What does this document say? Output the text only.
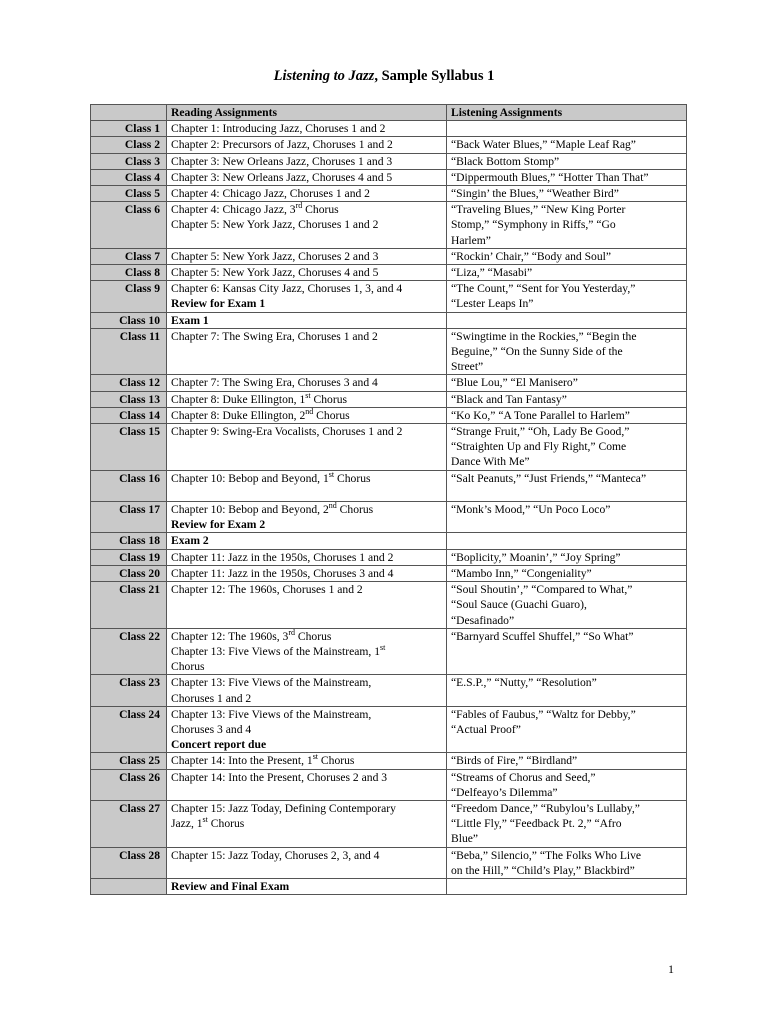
Listening to Jazz, Sample Syllabus 1
	Reading Assignments	Listening Assignments
Class 1	Chapter 1: Introducing Jazz, Choruses 1 and 2	

Class 2	Chapter 2: Precursors of Jazz, Choruses 1 and 2	“Back Water Blues,” “Maple Leaf Rag”

Class 3	Chapter 3: New Orleans Jazz, Choruses 1 and 3	“Black Bottom Stomp”

Class 4	Chapter 3: New Orleans Jazz, Choruses 4 and 5	“Dippermouth Blues,” “Hotter Than That”

Class 5	Chapter 4: Chicago Jazz, Choruses 1 and 2	“Singin’ the Blues,” “Weather Bird”

Class 6	Chapter 4: Chicago Jazz, 3rd Chorus
Chapter 5: New York Jazz, Choruses 1 and 2	“Traveling Blues,” “New King Porter
Stomp,” “Symphony in Riffs,” “Go
Harlem”

Class 7	Chapter 5: New York Jazz, Choruses 2 and 3	“Rockin’ Chair,” “Body and Soul”

Class 8	Chapter 5: New York Jazz, Choruses 4 and 5	“Liza,” “Masabi”

Class 9	Chapter 6: Kansas City Jazz, Choruses 1, 3, and 4
Review for Exam 1	“The Count,” “Sent for You Yesterday,”
“Lester Leaps In”

Class 10	Exam 1	

Class 11	Chapter 7: The Swing Era, Choruses 1 and 2	“Swingtime in the Rockies,” “Begin the
Beguine,” “On the Sunny Side of the
Street”

Class 12	Chapter 7: The Swing Era, Choruses 3 and 4	“Blue Lou,” “El Manisero”

Class 13	Chapter 8: Duke Ellington, 1st Chorus	“Black and Tan Fantasy”

Class 14	Chapter 8: Duke Ellington, 2nd Chorus	“Ko Ko,” “A Tone Parallel to Harlem”

Class 15	Chapter 9: Swing-Era Vocalists, Choruses 1 and 2	“Strange Fruit,” “Oh, Lady Be Good,”
“Straighten Up and Fly Right,” Come
Dance With Me”

Class 16	Chapter 10: Bebop and Beyond, 1st Chorus	“Salt Peanuts,” “Just Friends,” “Manteca”

Class 17	Chapter 10: Bebop and Beyond, 2nd Chorus
Review for Exam 2	“Monk’s Mood,” “Un Poco Loco”

Class 18	Exam 2	

Class 19	Chapter 11: Jazz in the 1950s, Choruses 1 and 2	“Boplicity,” Moanin’,” “Joy Spring”

Class 20	Chapter 11: Jazz in the 1950s, Choruses 3 and 4	“Mambo Inn,” “Congeniality”

Class 21	Chapter 12: The 1960s, Choruses 1 and 2	“Soul Shoutin’,” “Compared to What,”
“Soul Sauce (Guachi Guaro),
“Desafinado”

Class 22	Chapter 12: The 1960s, 3rd Chorus
Chapter 13: Five Views of the Mainstream, 1st
Chorus	“Barnyard Scuffel Shuffel,” “So What”

Class 23	Chapter 13: Five Views of the Mainstream,
Choruses 1 and 2	“E.S.P.,” “Nutty,” “Resolution”

Class 24	Chapter 13: Five Views of the Mainstream,
Choruses 3 and 4
Concert report due	“Fables of Faubus,” “Waltz for Debby,”
“Actual Proof”

Class 25	Chapter 14: Into the Present, 1st Chorus	“Birds of Fire,” “Birdland”

Class 26	Chapter 14: Into the Present, Choruses 2 and 3	“Streams of Chorus and Seed,”
“Delfeayo’s Dilemma”

Class 27	Chapter 15: Jazz Today, Defining Contemporary
Jazz, 1st Chorus	“Freedom Dance,” “Rubylou’s Lullaby,”
“Little Fly,” “Feedback Pt. 2,” “Afro
Blue”

Class 28	Chapter 15: Jazz Today, Choruses 2, 3, and 4	“Beba,” Silencio,” “The Folks Who Live
on the Hill,” “Child’s Play,” Blackbird”

	Review and Final Exam	

1
